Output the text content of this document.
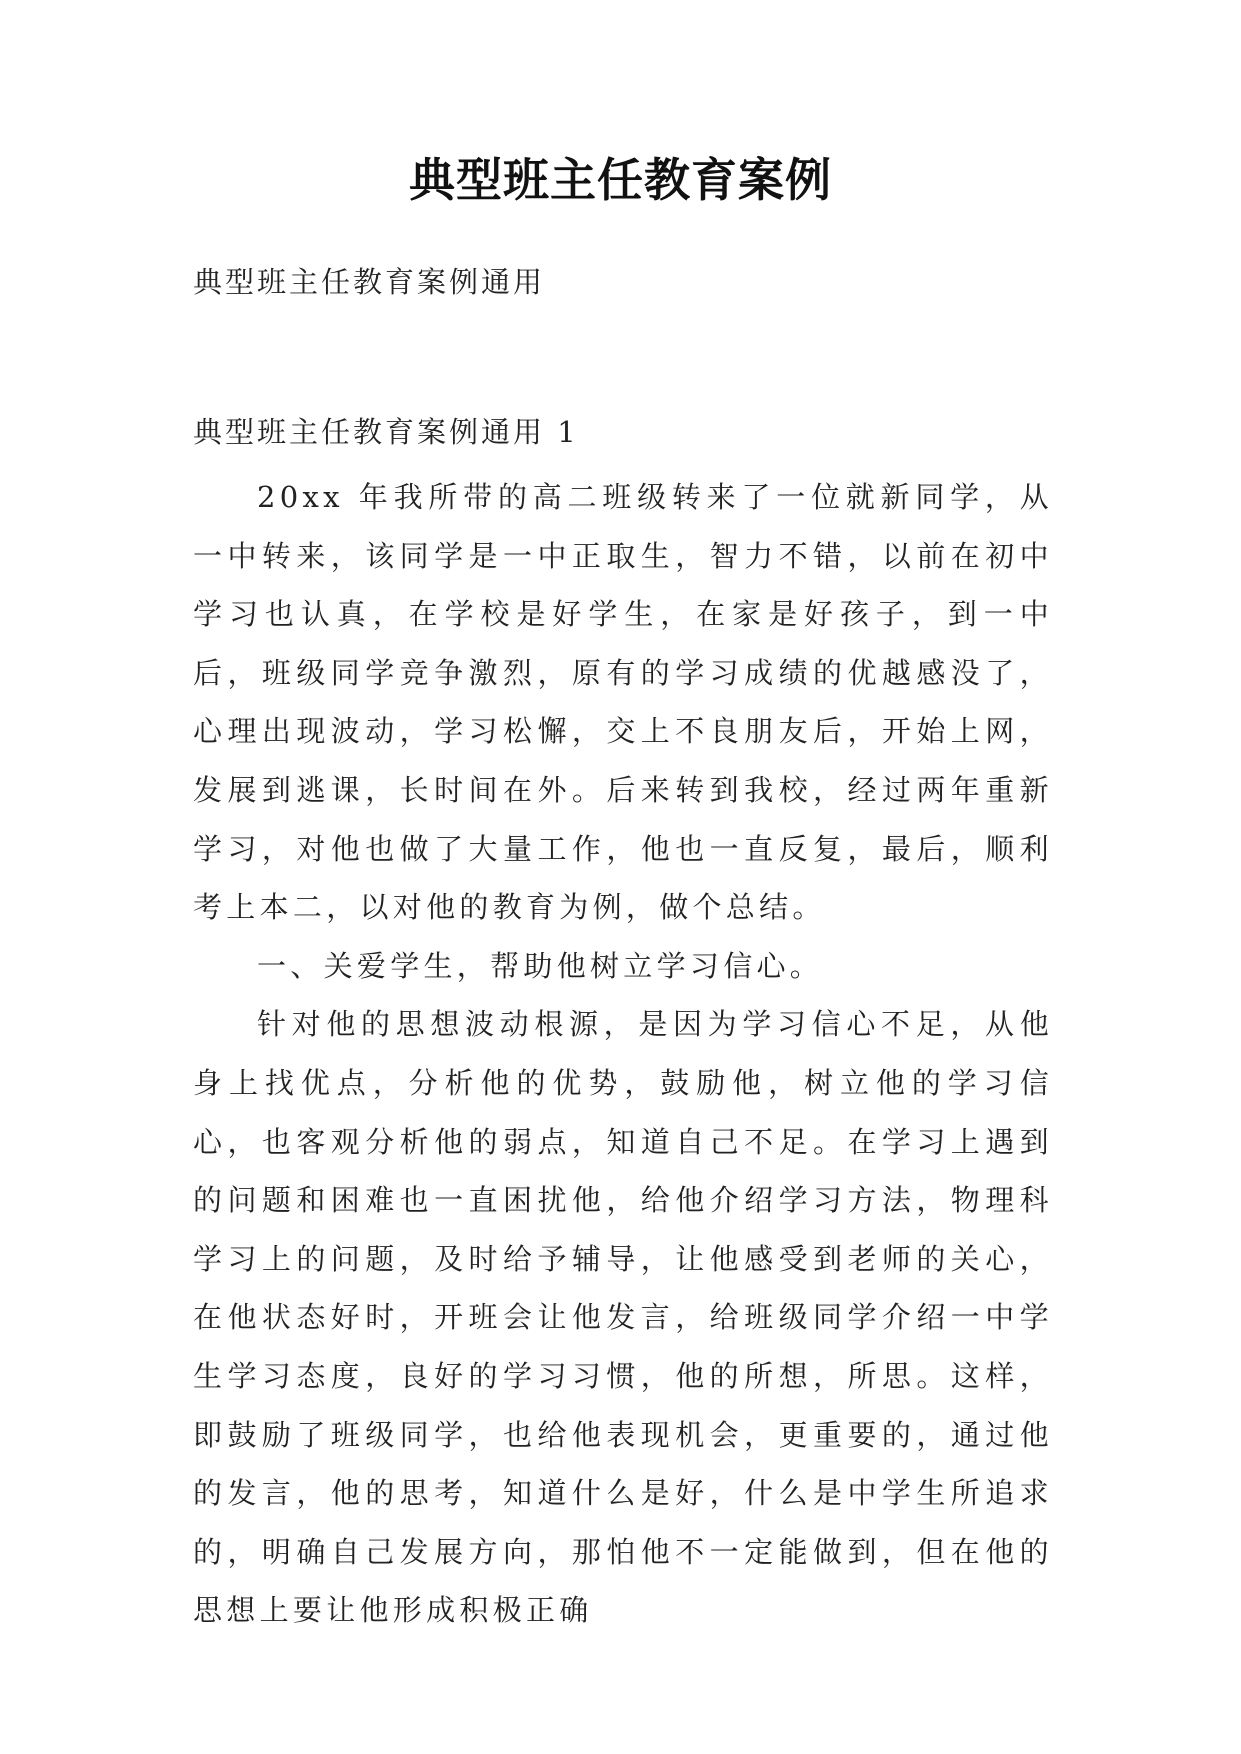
典型班主任教育案例
典型班主任教育案例通用
典型班主任教育案例通用 1

20xx 年我所带的高二班级转来了一位就新同学，从一中转来，该同学是一中正取生，智力不错，以前在初中学习也认真，在学校是好学生，在家是好孩子，到一中后，班级同学竞争激烈，原有的学习成绩的优越感没了，心理出现波动，学习松懈，交上不良朋友后，开始上网，发展到逃课，长时间在外。后来转到我校，经过两年重新学习，对他也做了大量工作，他也一直反复，最后，顺利考上本二，以对他的教育为例，做个总结。

一、关爱学生，帮助他树立学习信心。

针对他的思想波动根源，是因为学习信心不足，从他身上找优点，分析他的优势，鼓励他，树立他的学习信心，也客观分析他的弱点，知道自己不足。在学习上遇到的问题和困难也一直困扰他，给他介绍学习方法，物理科学习上的问题，及时给予辅导，让他感受到老师的关心，在他状态好时，开班会让他发言，给班级同学介绍一中学生学习态度，良好的学习习惯，他的所想，所思。这样，即鼓励了班级同学，也给他表现机会，更重要的，通过他的发言，他的思考，知道什么是好，什么是中学生所追求的，明确自己发展方向，那怕他不一定能做到，但在他的思想上要让他形成积极正确
